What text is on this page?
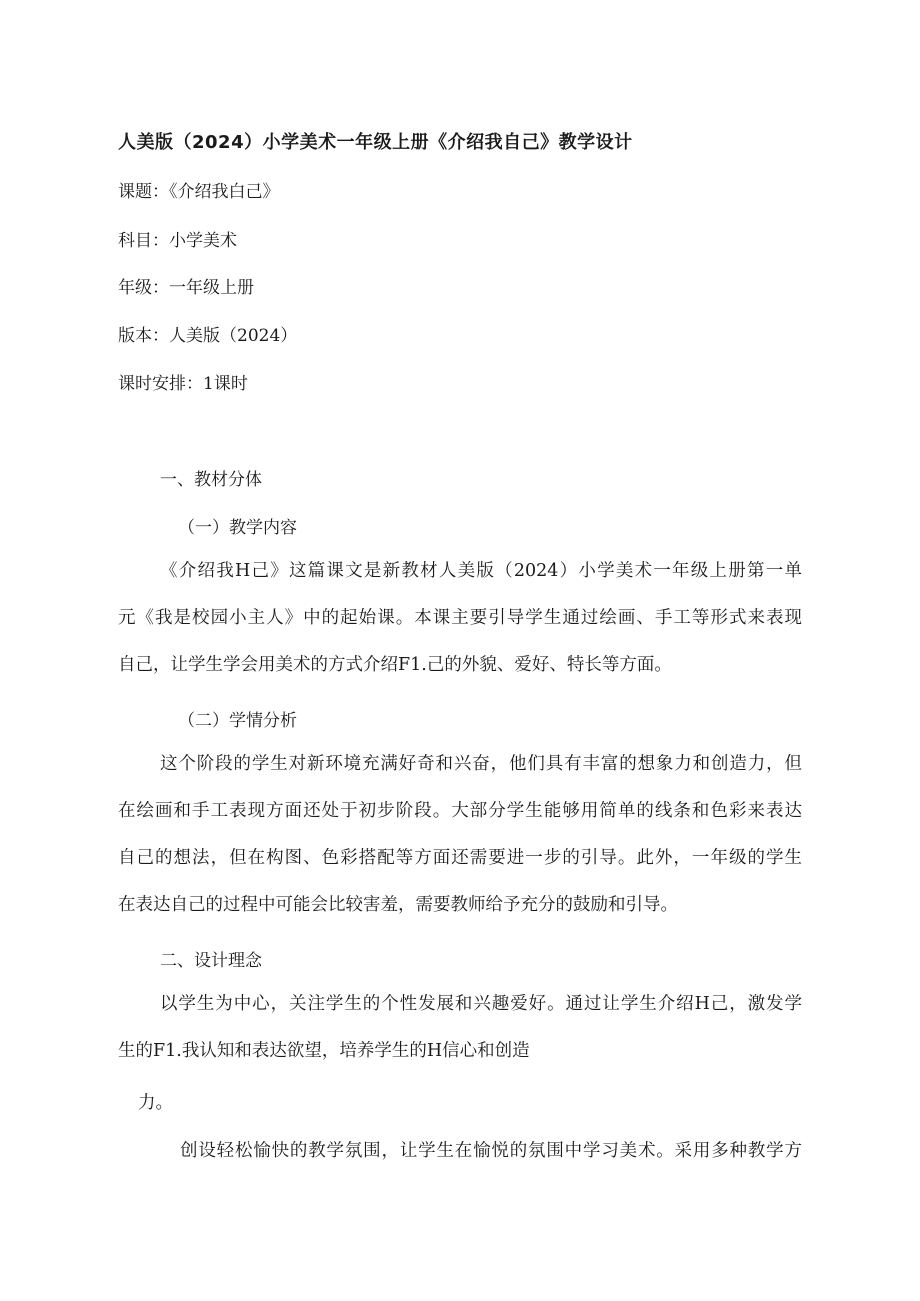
人美版（2024）小学美术一年级上册《介绍我自己》教学设计
课题：《介绍我白己》
科目：小学美术
年级：一年级上册
版本：人美版（2024）
课时安排：1课时
一、教材分体
（一）教学内容
《介绍我H己》这篇课文是新教材人美版（2024）小学美术一年级上册第一单
元《我是校园小主人》中的起始课。本课主要引导学生通过绘画、手工等形式来表现
自己，让学生学会用美术的方式介绍F1.己的外貌、爱好、特长等方面。
（二）学情分析
这个阶段的学生对新环境充满好奇和兴奋，他们具有丰富的想象力和创造力，但
在绘画和手工表现方面还处于初步阶段。大部分学生能够用简单的线条和色彩来表达
自己的想法，但在构图、色彩搭配等方面还需要进一步的引导。此外，一年级的学生
在表达自己的过程中可能会比较害羞，需要教师给予充分的鼓励和引导。
二、设计理念
以学生为中心，关注学生的个性发展和兴趣爱好。通过让学生介绍H己，激发学
生的F1.我认知和表达欲望，培养学生的H信心和创造
力。
创设轻松愉快的教学氛围，让学生在愉悦的氛围中学习美术。采用多种教学方
